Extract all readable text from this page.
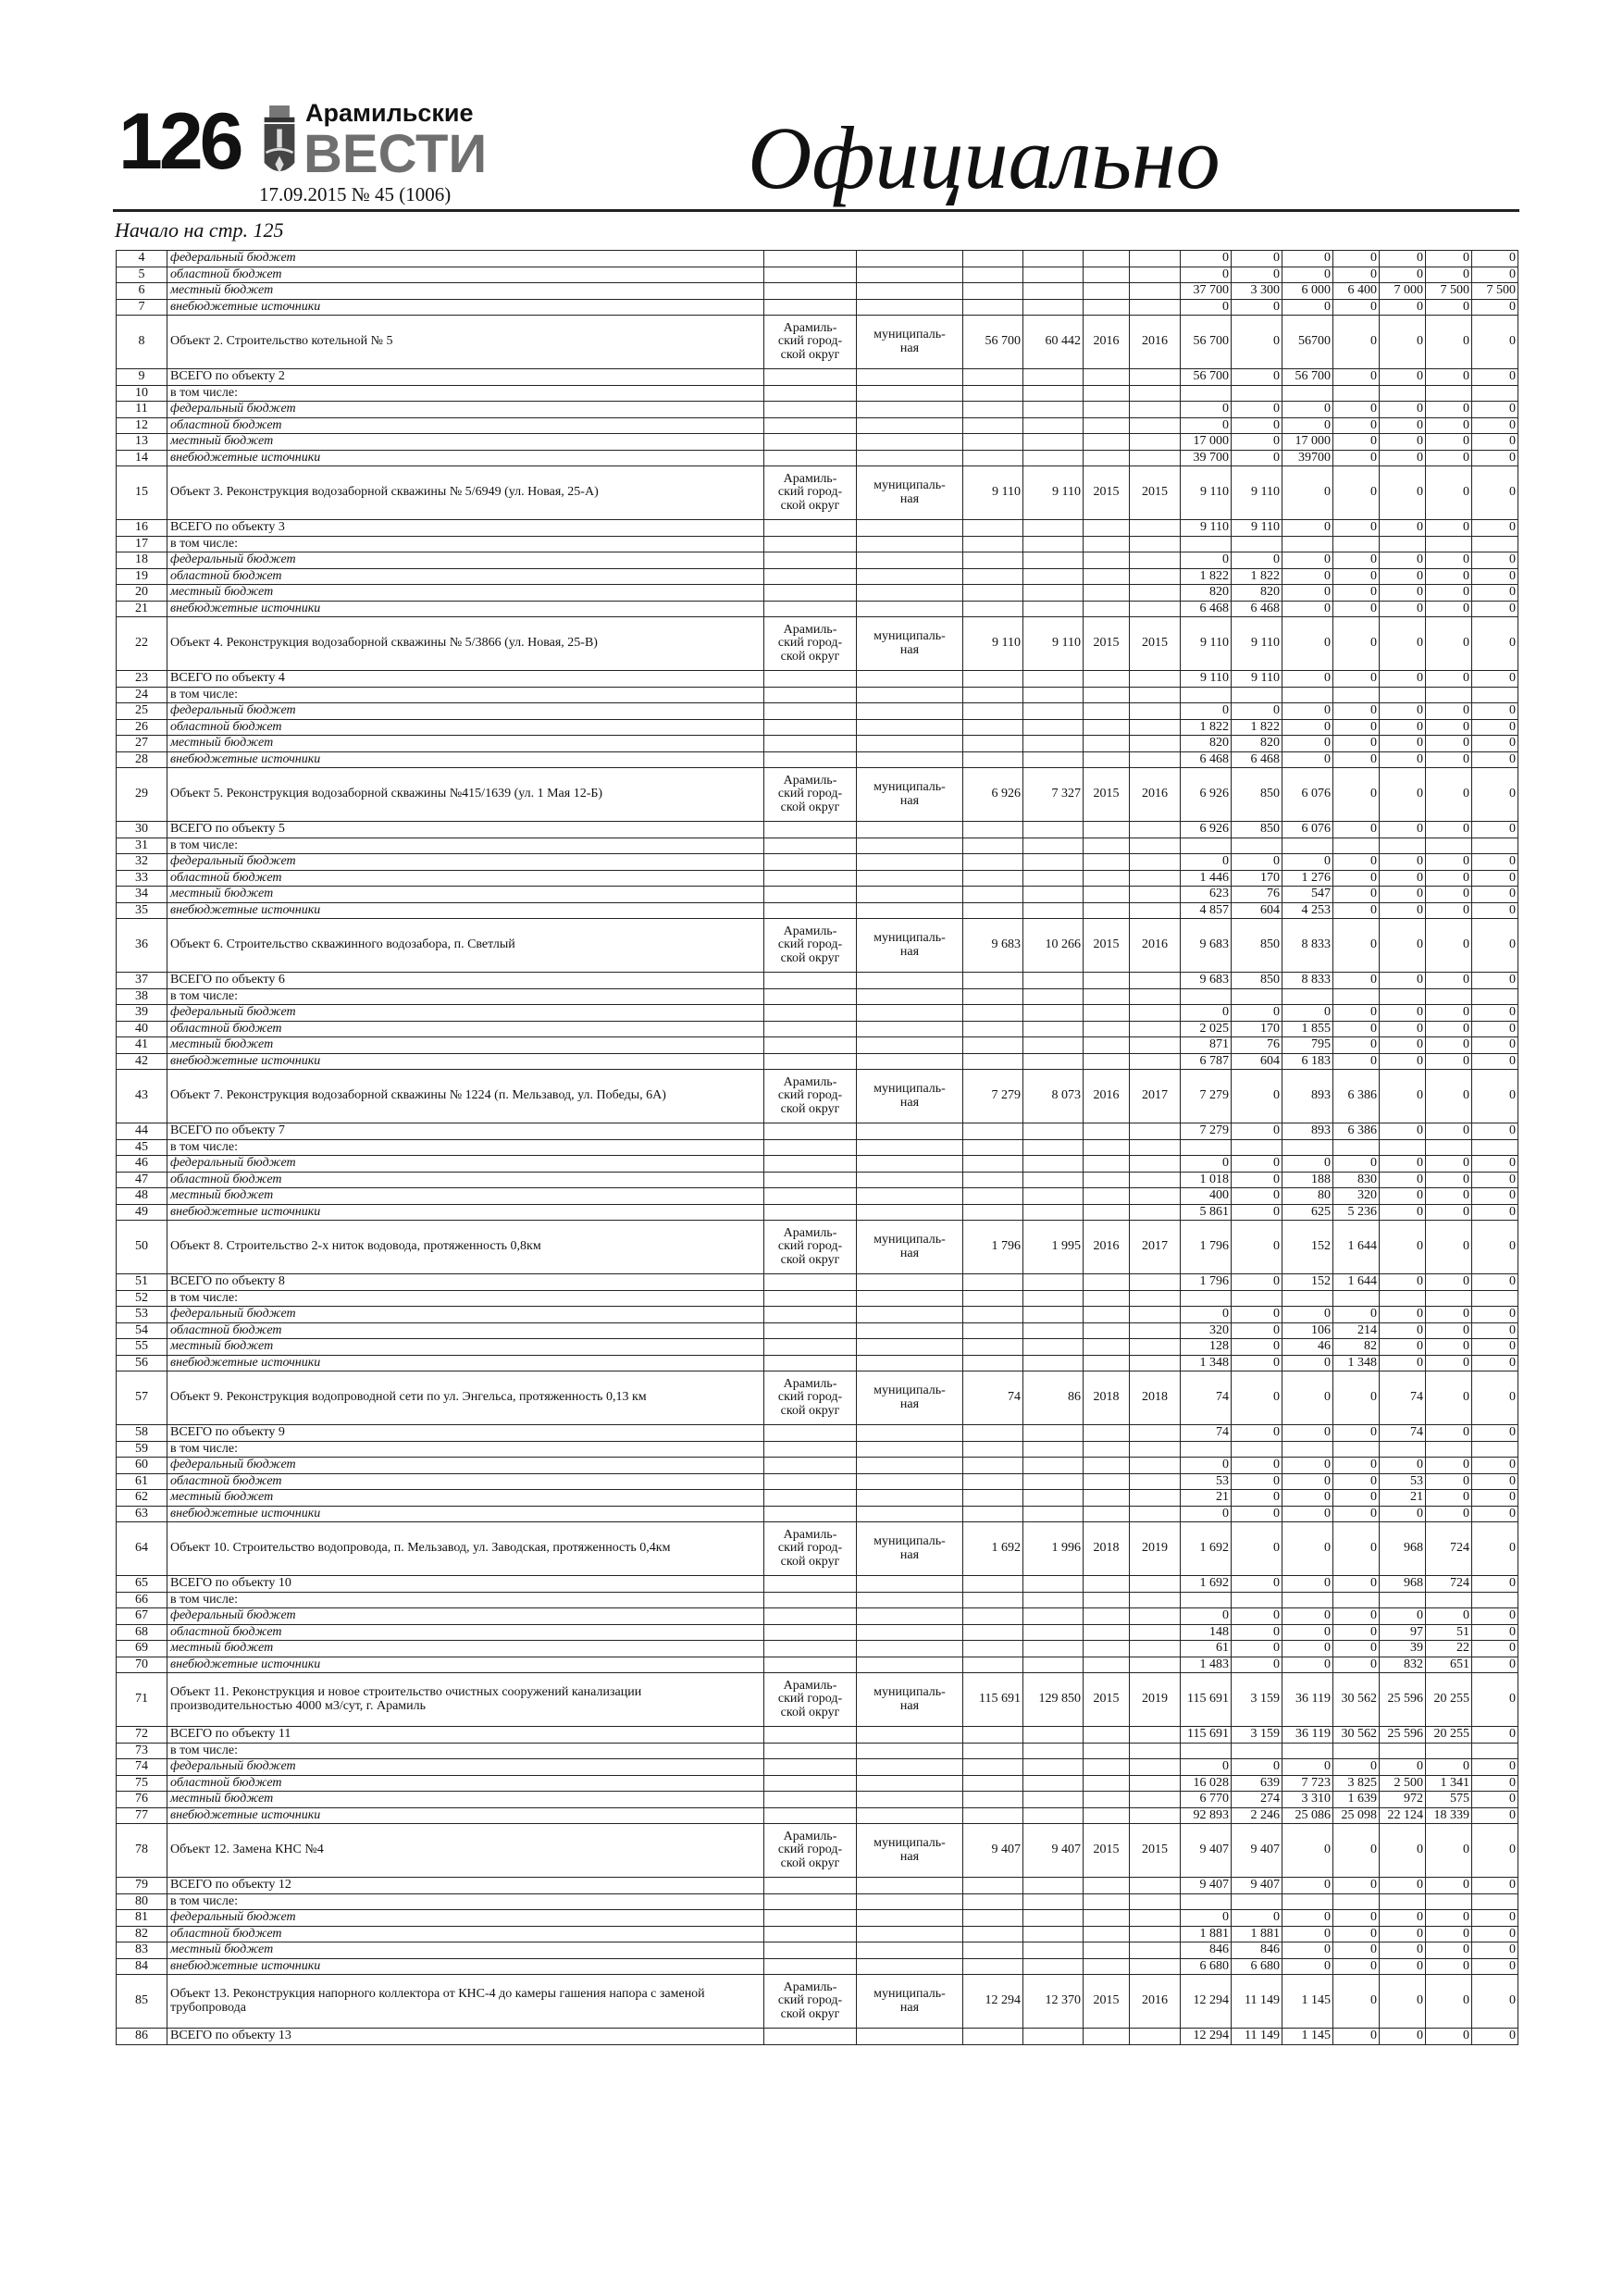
126	Арамильские
ВЕСТИ
17.09.2015 № 45 (1006)	Официально
Начало на стр. 125
4	федеральный бюджет							0	0	0	0	0	0	0
5	областной бюджет							0	0	0	0	0	0	0
6	местный бюджет							37 700	3 300	6 000	6 400	7 000	7 500	7 500
7	внебюджетные источники							0	0	0	0	0	0	0
8	Объект 2. Строительство котельной № 5	Арамиль-
ский город-
ской округ	муниципаль-
ная	56 700	60 442	2016	2016	56 700	0	56700	0	0	0	0
9	ВСЕГО по объекту 2							56 700	0	56 700	0	0	0	0
10	в том числе:													
11	федеральный бюджет							0	0	0	0	0	0	0
12	областной бюджет							0	0	0	0	0	0	0
13	местный бюджет							17 000	0	17 000	0	0	0	0
14	внебюджетные источники							39 700	0	39700	0	0	0	0
15	Объект 3. Реконструкция водозаборной скважины № 5/6949 (ул. Новая, 25-А)	Арамиль-
ский город-
ской округ	муниципаль-
ная	9 110	9 110	2015	2015	9 110	9 110	0	0	0	0	0
16	ВСЕГО по объекту 3							9 110	9 110	0	0	0	0	0
17	в том числе:													
18	федеральный бюджет							0	0	0	0	0	0	0
19	областной бюджет							1 822	1 822	0	0	0	0	0
20	местный бюджет							820	820	0	0	0	0	0
21	внебюджетные источники							6 468	6 468	0	0	0	0	0
22	Объект 4. Реконструкция водозаборной скважины № 5/3866 (ул. Новая, 25-В)	Арамиль-
ский город-
ской округ	муниципаль-
ная	9 110	9 110	2015	2015	9 110	9 110	0	0	0	0	0
23	ВСЕГО по объекту 4							9 110	9 110	0	0	0	0	0
24	в том числе:													
25	федеральный бюджет							0	0	0	0	0	0	0
26	областной бюджет							1 822	1 822	0	0	0	0	0
27	местный бюджет							820	820	0	0	0	0	0
28	внебюджетные источники							6 468	6 468	0	0	0	0	0
29	Объект 5. Реконструкция водозаборной скважины №415/1639 (ул. 1 Мая 12-Б)	Арамиль-
ский город-
ской округ	муниципаль-
ная	6 926	7 327	2015	2016	6 926	850	6 076	0	0	0	0
30	ВСЕГО по объекту 5							6 926	850	6 076	0	0	0	0
31	в том числе:													
32	федеральный бюджет							0	0	0	0	0	0	0
33	областной бюджет							1 446	170	1 276	0	0	0	0
34	местный бюджет							623	76	547	0	0	0	0
35	внебюджетные источники							4 857	604	4 253	0	0	0	0
36	Объект 6. Строительство скважинного водозабора, п. Светлый	Арамиль-
ский город-
ской округ	муниципаль-
ная	9 683	10 266	2015	2016	9 683	850	8 833	0	0	0	0
37	ВСЕГО по объекту 6							9 683	850	8 833	0	0	0	0
38	в том числе:													
39	федеральный бюджет							0	0	0	0	0	0	0
40	областной бюджет							2 025	170	1 855	0	0	0	0
41	местный бюджет							871	76	795	0	0	0	0
42	внебюджетные источники							6 787	604	6 183	0	0	0	0
43	Объект 7. Реконструкция водозаборной скважины № 1224 (п. Мельзавод, ул. Победы, 6А)	Арамиль-
ский город-
ской округ	муниципаль-
ная	7 279	8 073	2016	2017	7 279	0	893	6 386	0	0	0
44	ВСЕГО по объекту 7							7 279	0	893	6 386	0	0	0
45	в том числе:													
46	федеральный бюджет							0	0	0	0	0	0	0
47	областной бюджет							1 018	0	188	830	0	0	0
48	местный бюджет							400	0	80	320	0	0	0
49	внебюджетные источники							5 861	0	625	5 236	0	0	0
50	Объект 8. Строительство 2-х ниток водовода, протяженность 0,8км	Арамиль-
ский город-
ской округ	муниципаль-
ная	1 796	1 995	2016	2017	1 796	0	152	1 644	0	0	0
51	ВСЕГО по объекту 8							1 796	0	152	1 644	0	0	0
52	в том числе:													
53	федеральный бюджет							0	0	0	0	0	0	0
54	областной бюджет							320	0	106	214	0	0	0
55	местный бюджет							128	0	46	82	0	0	0
56	внебюджетные источники							1 348	0	0	1 348	0	0	0
57	Объект 9. Реконструкция водопроводной сети по ул. Энгельса, протяженность 0,13 км	Арамиль-
ский город-
ской округ	муниципаль-
ная	74	86	2018	2018	74	0	0	0	74	0	0
58	ВСЕГО по объекту 9							74	0	0	0	74	0	0
59	в том числе:													
60	федеральный бюджет							0	0	0	0	0	0	0
61	областной бюджет							53	0	0	0	53	0	0
62	местный бюджет							21	0	0	0	21	0	0
63	внебюджетные источники							0	0	0	0	0	0	0
64	Объект 10. Строительство водопровода, п. Мельзавод, ул. Заводская, протяженность 0,4км	Арамиль-
ский город-
ской округ	муниципаль-
ная	1 692	1 996	2018	2019	1 692	0	0	0	968	724	0
65	ВСЕГО по объекту 10							1 692	0	0	0	968	724	0
66	в том числе:													
67	федеральный бюджет							0	0	0	0	0	0	0
68	областной бюджет							148	0	0	0	97	51	0
69	местный бюджет							61	0	0	0	39	22	0
70	внебюджетные источники							1 483	0	0	0	832	651	0
71	Объект 11. Реконструкция и новое строительство очистных сооружений канализации производительностью 4000 м3/сут, г. Арамиль	Арамиль-
ский город-
ской округ	муниципаль-
ная	115 691	129 850	2015	2019	115 691	3 159	36 119	30 562	25 596	20 255	0
72	ВСЕГО по объекту 11							115 691	3 159	36 119	30 562	25 596	20 255	0
73	в том числе:													
74	федеральный бюджет							0	0	0	0	0	0	0
75	областной бюджет							16 028	639	7 723	3 825	2 500	1 341	0
76	местный бюджет							6 770	274	3 310	1 639	972	575	0
77	внебюджетные источники							92 893	2 246	25 086	25 098	22 124	18 339	0
78	Объект 12. Замена КНС №4	Арамиль-
ский город-
ской округ	муниципаль-
ная	9 407	9 407	2015	2015	9 407	9 407	0	0	0	0	0
79	ВСЕГО по объекту 12							9 407	9 407	0	0	0	0	0
80	в том числе:													
81	федеральный бюджет							0	0	0	0	0	0	0
82	областной бюджет							1 881	1 881	0	0	0	0	0
83	местный бюджет							846	846	0	0	0	0	0
84	внебюджетные источники							6 680	6 680	0	0	0	0	0
85	Объект 13. Реконструкция напорного коллектора от КНС-4 до камеры гашения напора с заменой трубопровода	Арамиль-
ский город-
ской округ	муниципаль-
ная	12 294	12 370	2015	2016	12 294	11 149	1 145	0	0	0	0
86	ВСЕГО по объекту 13							12 294	11 149	1 145	0	0	0	0
